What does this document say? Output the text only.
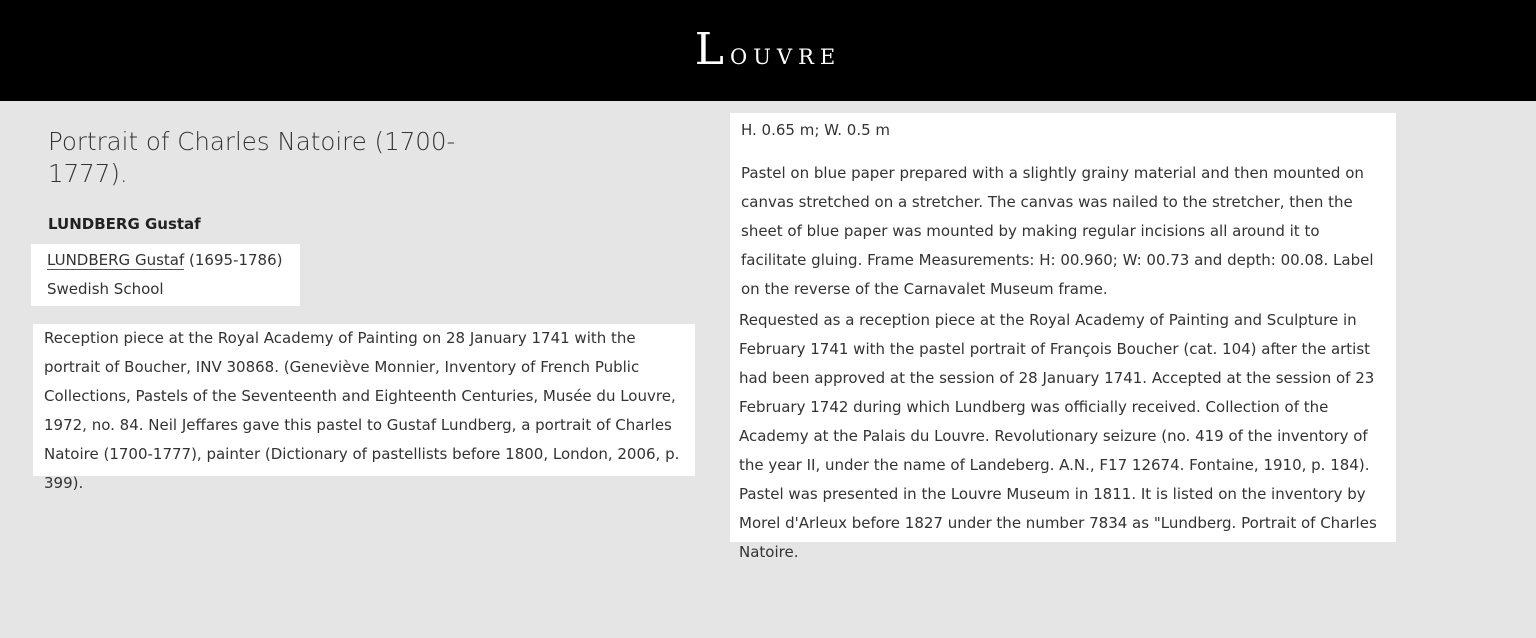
Louvre
Portrait of Charles Natoire (1700-1777).
LUNDBERG Gustaf
LUNDBERG Gustaf (1695-1786)
Swedish School

Reception piece at the Royal Academy of Painting on 28 January 1741 with the portrait of Boucher, INV 30868. (Geneviève Monnier, Inventory of French Public Collections, Pastels of the Seventeenth and Eighteenth Centuries, Musée du Louvre, 1972, no. 84. Neil Jeffares gave this pastel to Gustaf Lundberg, a portrait of Charles Natoire (1700-1777), painter (Dictionary of pastellists before 1800, London, 2006, p. 399).

H. 0.65 m; W. 0.5 m

Pastel on blue paper prepared with a slightly grainy material and then mounted on canvas stretched on a stretcher. The canvas was nailed to the stretcher, then the sheet of blue paper was mounted by making regular incisions all around it to facilitate gluing. Frame Measurements: H: 00.960; W: 00.73 and depth: 00.08. Label on the reverse of the Carnavalet Museum frame.

Requested as a reception piece at the Royal Academy of Painting and Sculpture in February 1741 with the pastel portrait of François Boucher (cat. 104) after the artist had been approved at the session of 28 January 1741. Accepted at the session of 23 February 1742 during which Lundberg was officially received. Collection of the Academy at the Palais du Louvre. Revolutionary seizure (no. 419 of the inventory of the year II, under the name of Landeberg. A.N., F17 12674. Fontaine, 1910, p. 184). Pastel was presented in the Louvre Museum in 1811. It is listed on the inventory by Morel d'Arleux before 1827 under the number 7834 as "Lundberg. Portrait of Charles Natoire.
